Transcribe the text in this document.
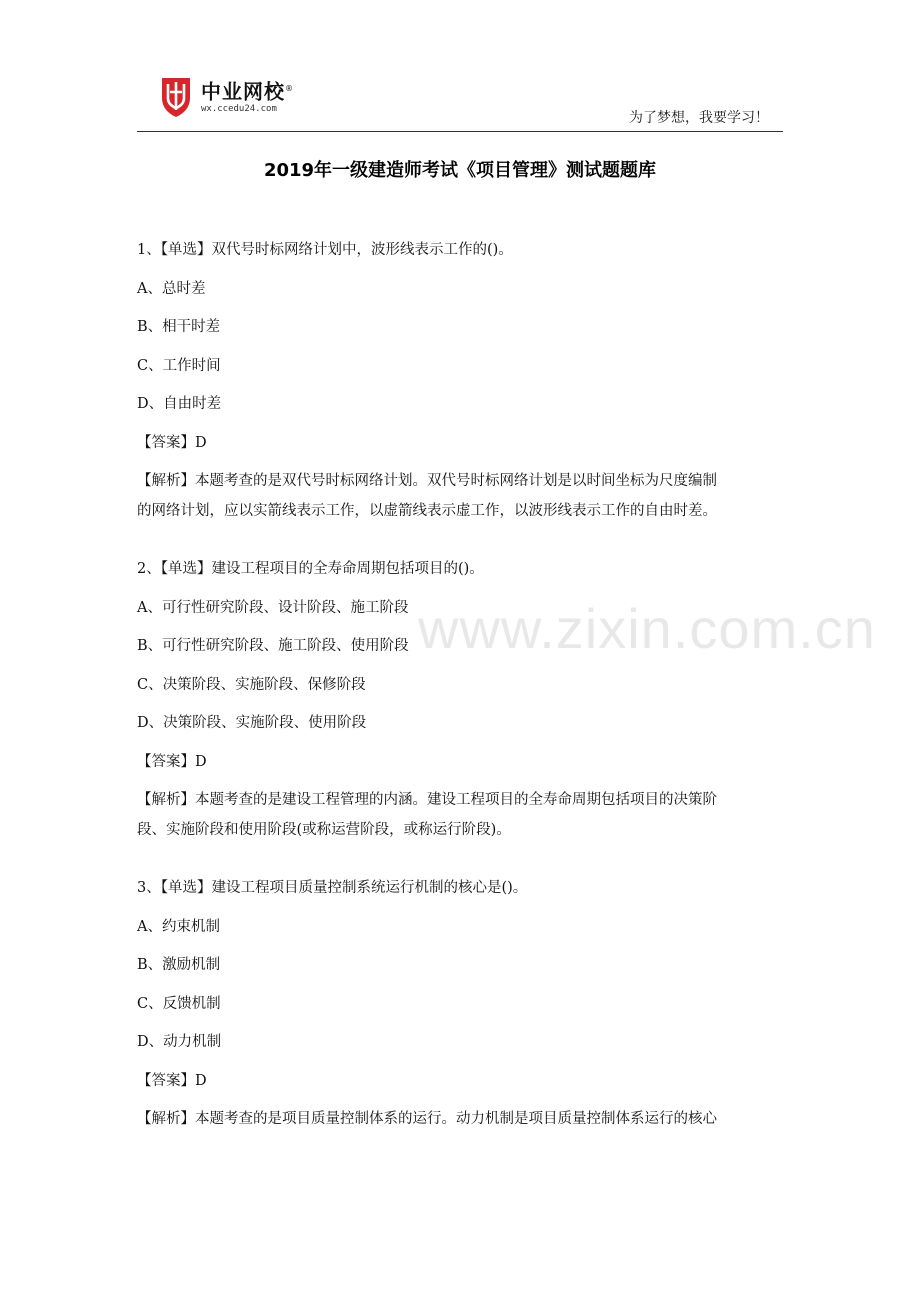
中业网校®
wx.ccedu24.com
为了梦想，我要学习！
2019年一级建造师考试《项目管理》测试题题库
www.zixin.com.cn
1、【单选】双代号时标网络计划中，波形线表示工作的()。
A、总时差
B、相干时差
C、工作时间
D、自由时差
【答案】D
【解析】本题考查的是双代号时标网络计划。双代号时标网络计划是以时间坐标为尺度编制
的网络计划，应以实箭线表示工作，以虚箭线表示虚工作，以波形线表示工作的自由时差。
2、【单选】建设工程项目的全寿命周期包括项目的()。
A、可行性研究阶段、设计阶段、施工阶段
B、可行性研究阶段、施工阶段、使用阶段
C、决策阶段、实施阶段、保修阶段
D、决策阶段、实施阶段、使用阶段
【答案】D
【解析】本题考查的是建设工程管理的内涵。建设工程项目的全寿命周期包括项目的决策阶
段、实施阶段和使用阶段(或称运营阶段，或称运行阶段)。
3、【单选】建设工程项目质量控制系统运行机制的核心是()。
A、约束机制
B、激励机制
C、反馈机制
D、动力机制
【答案】D
【解析】本题考查的是项目质量控制体系的运行。动力机制是项目质量控制体系运行的核心
